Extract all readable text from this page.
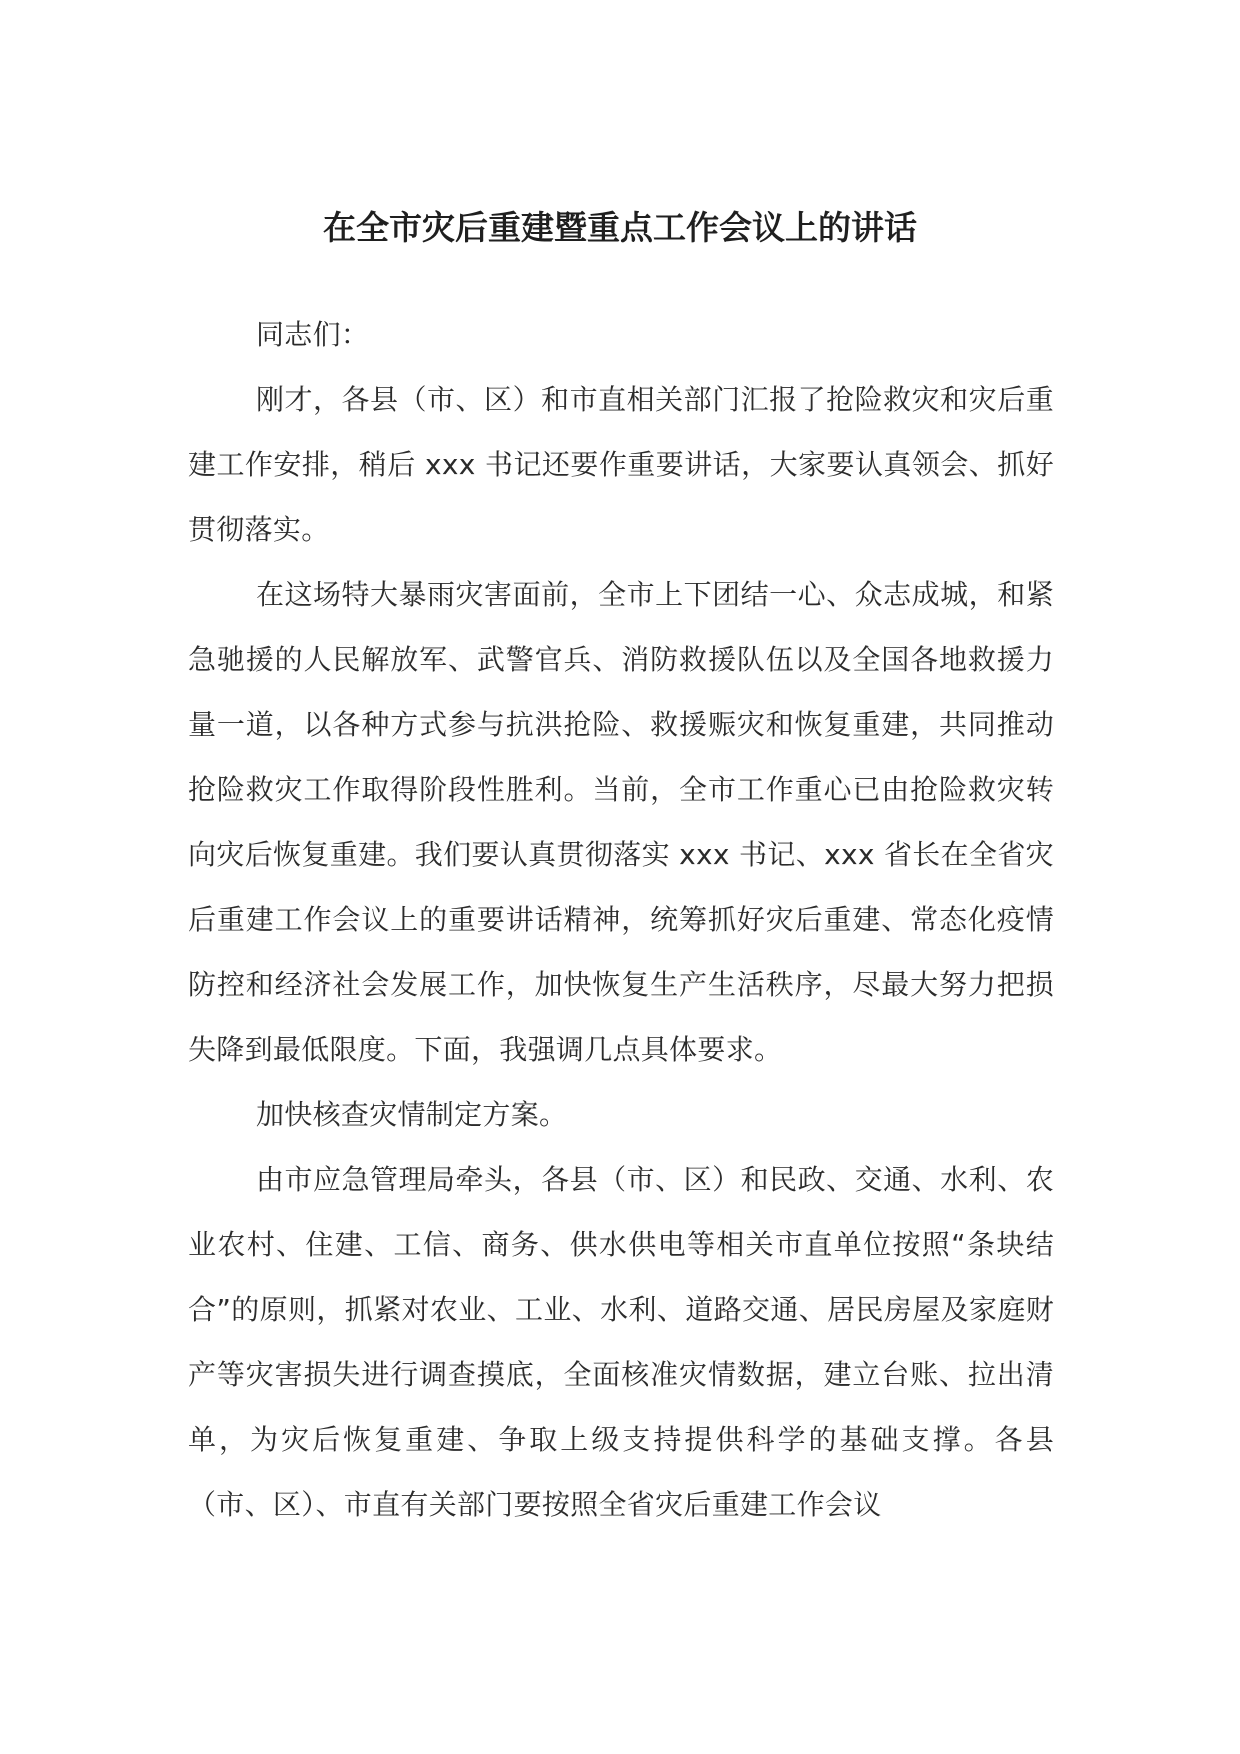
在全市灾后重建暨重点工作会议上的讲话

同志们：

刚才，各县（市、区）和市直相关部门汇报了抢险救灾和灾后重建工作安排，稍后 xxx 书记还要作重要讲话，大家要认真领会、抓好贯彻落实。

在这场特大暴雨灾害面前，全市上下团结一心、众志成城，和紧急驰援的人民解放军、武警官兵、消防救援队伍以及全国各地救援力量一道，以各种方式参与抗洪抢险、救援赈灾和恢复重建，共同推动抢险救灾工作取得阶段性胜利。当前，全市工作重心已由抢险救灾转向灾后恢复重建。我们要认真贯彻落实 xxx 书记、xxx 省长在全省灾后重建工作会议上的重要讲话精神，统筹抓好灾后重建、常态化疫情防控和经济社会发展工作，加快恢复生产生活秩序，尽最大努力把损失降到最低限度。下面，我强调几点具体要求。

加快核查灾情制定方案。

由市应急管理局牵头，各县（市、区）和民政、交通、水利、农业农村、住建、工信、商务、供水供电等相关市直单位按照“条块结合”的原则，抓紧对农业、工业、水利、道路交通、居民房屋及家庭财产等灾害损失进行调查摸底，全面核准灾情数据，建立台账、拉出清单，为灾后恢复重建、争取上级支持提供科学的基础支撑。各县（市、区）、市直有关部门要按照全省灾后重建工作会议
